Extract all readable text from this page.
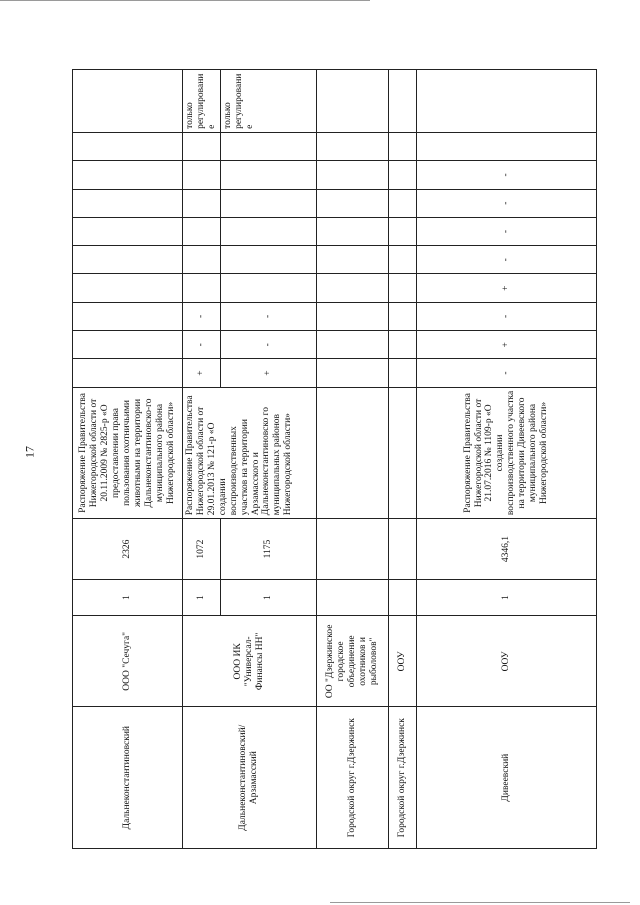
17
Дальнеконстантиновский	ООО "Сечуга"	1	2326	Распоряжение Правительства Нижегородской области от 20.11.2009 № 2825-р «О предоставлении права пользования охотничьими животными на территории Дальнеконстантиновско-го муниципального района Нижегородской области»										
Дальнеконстантиновский/ Арзамасский	ООО ИК "Универсал-Финансы НН"	1	1072	Распоряжение Правительства Нижегородской области от 29.01.2013 № 121-р «О создании воспроизводственных участков на территории Арзамасского и Дальнеконстантиновско го муниципальных районов Нижегородской области»	+	-	-							только регулировани е
		1	1175		+	-	-							только регулировани е
Городской округ г.Дзержинск	ОО "Дзержинское городское объединение охотников и рыболовов"													
Городской округ г.Дзержинск	ООУ													
Дивеевский	ООУ	1	4346,1	Распоряжение Правительства Нижегородской области от 21.07.2016 № 1109-р «О создании воспроизводственного участка на территории Дивеевского муниципального района Нижегородской области»	-	+	-	+	-	-	-	-		
